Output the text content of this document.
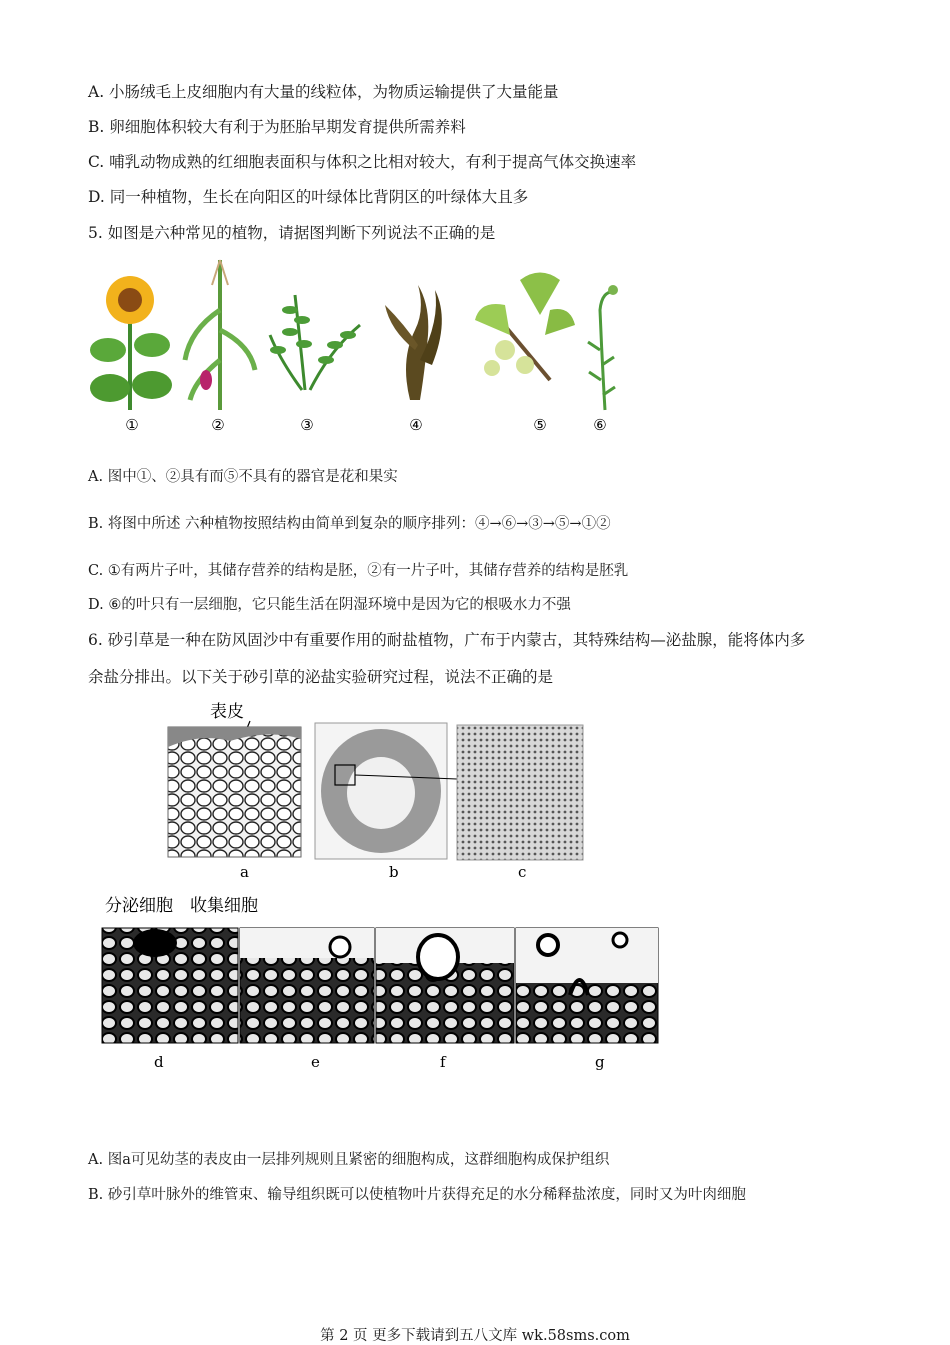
A. 小肠绒毛上皮细胞内有大量的线粒体，为物质运输提供了大量能量
B. 卵细胞体积较大有利于为胚胎早期发育提供所需养料
C. 哺乳动物成熟的红细胞表面积与体积之比相对较大，有利于提高气体交换速率
D. 同一种植物，生长在向阳区的叶绿体比背阴区的叶绿体大且多
5. 如图是六种常见的植物，请据图判断下列说法不正确的是
①	②	③	④	⑤	⑥
A. 图中①、②具有而⑤不具有的器官是花和果实
B. 将图中所述 六种植物按照结构由简单到复杂的顺序排列：④→⑥→③→⑤→①②
C. ①有两片子叶，其储存营养的结构是胚，②有一片子叶，其储存营养的结构是胚乳
D. ⑥的叶只有一层细胞，它只能生活在阴湿环境中是因为它的根吸水力不强
6. 砂引草是一种在防风固沙中有重要作用的耐盐植物，广布于内蒙古，其特殊结构—泌盐腺，能将体内多
余盐分排出。以下关于砂引草的泌盐实验研究过程，说法不正确的是
表皮
分泌细胞 收集细胞
a	b	c
d	e	f	g
A. 图a可见幼茎的表皮由一层排列规则且紧密的细胞构成，这群细胞构成保护组织
B. 砂引草叶脉外的维管束、输导组织既可以使植物叶片获得充足的水分稀释盐浓度，同时又为叶肉细胞
第 2 页 更多下载请到五八文库 wk.58sms.com
